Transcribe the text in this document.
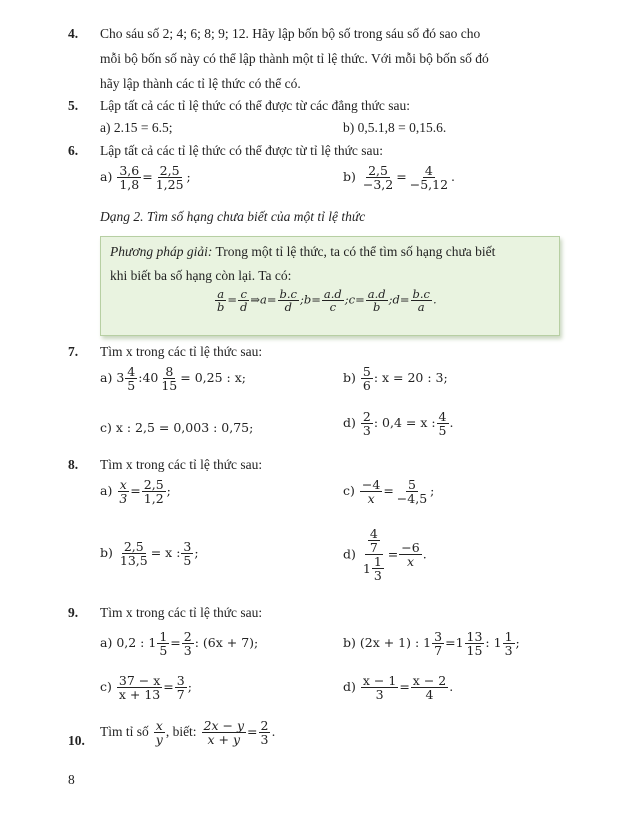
4. Cho sáu số 2; 4; 6; 8; 9; 12. Hãy lập bốn bộ số trong sáu số đó sao cho
mỗi bộ bốn số này có thể lập thành một tỉ lệ thức. Với mỗi bộ bốn số đó
hãy lập thành các tỉ lệ thức có thể có.
5. Lập tất cả các tỉ lệ thức có thể được từ các đẳng thức sau:
a) 2.15 = 6.5;	b) 0,5.1,8 = 0,15.6.
6. Lập tất cả các tỉ lệ thức có thể được từ tỉ lệ thức sau:
$a) \frac{3,6}{1,8} = \frac{2,5}{1,25}$ ;	$b) \frac{2,5}{-3,2} = \frac{4}{-5,12}$ .
Dạng 2. Tìm số hạng chưa biết của một tỉ lệ thức
Phương pháp giải: Trong một tỉ lệ thức, ta có thể tìm số hạng chưa biết
khi biết ba số hạng còn lại. Ta có:
$\frac{a}{b} = \frac{c}{d}$ ⇒a= $\frac{b.c}{d}$ ;b= $\frac{a.d}{c}$ ;c= $\frac{a.d}{b}$ ;d= $\frac{b.c}{a}$ .
7. Tìm x trong các tỉ lệ thức sau:
a) $3 \frac{4}{5}$ :40 $\frac{8}{15} = 0,25$ : x;	$b) \frac{5}{6}$ : x = 20 : 3;
c) x : 2,5 = 0,003 : 0,75;	$d) \frac{2}{3}$ : 0,4 = x : $\frac{4}{5}$ .
8. Tìm x trong các tỉ lệ thức sau:
$a) \frac{x}{3} = \frac{2,5}{1,2}$ ;	$c) \frac{-4}{x} = \frac{5}{-4,5}$ ;
$b) \frac{2,5}{13,5} = x$ : $\frac{3}{5}$ ;	$d) \frac{\frac{4}{7}}{1 \frac{1}{3}} = \frac{-6}{x}$ .
9. Tìm x trong các tỉ lệ thức sau:
a) 0,2 : $1 \frac{1}{5} = \frac{2}{3}$ : (6x + 7);	b) (2x + 1) : $1 \frac{3}{7} =1 \frac{13}{15}$ : $1 \frac{1}{3}$ ;
$c) \frac{37 - x}{x + 13} = \frac{3}{7}$ ;	$d) \frac{x - 1}{3} = \frac{x - 2}{4}$ .
10.
Tìm tỉ số $\frac{x}{y}$ , biết: $\frac{2x - y}{x + y} = \frac{2}{3}$ .
8
